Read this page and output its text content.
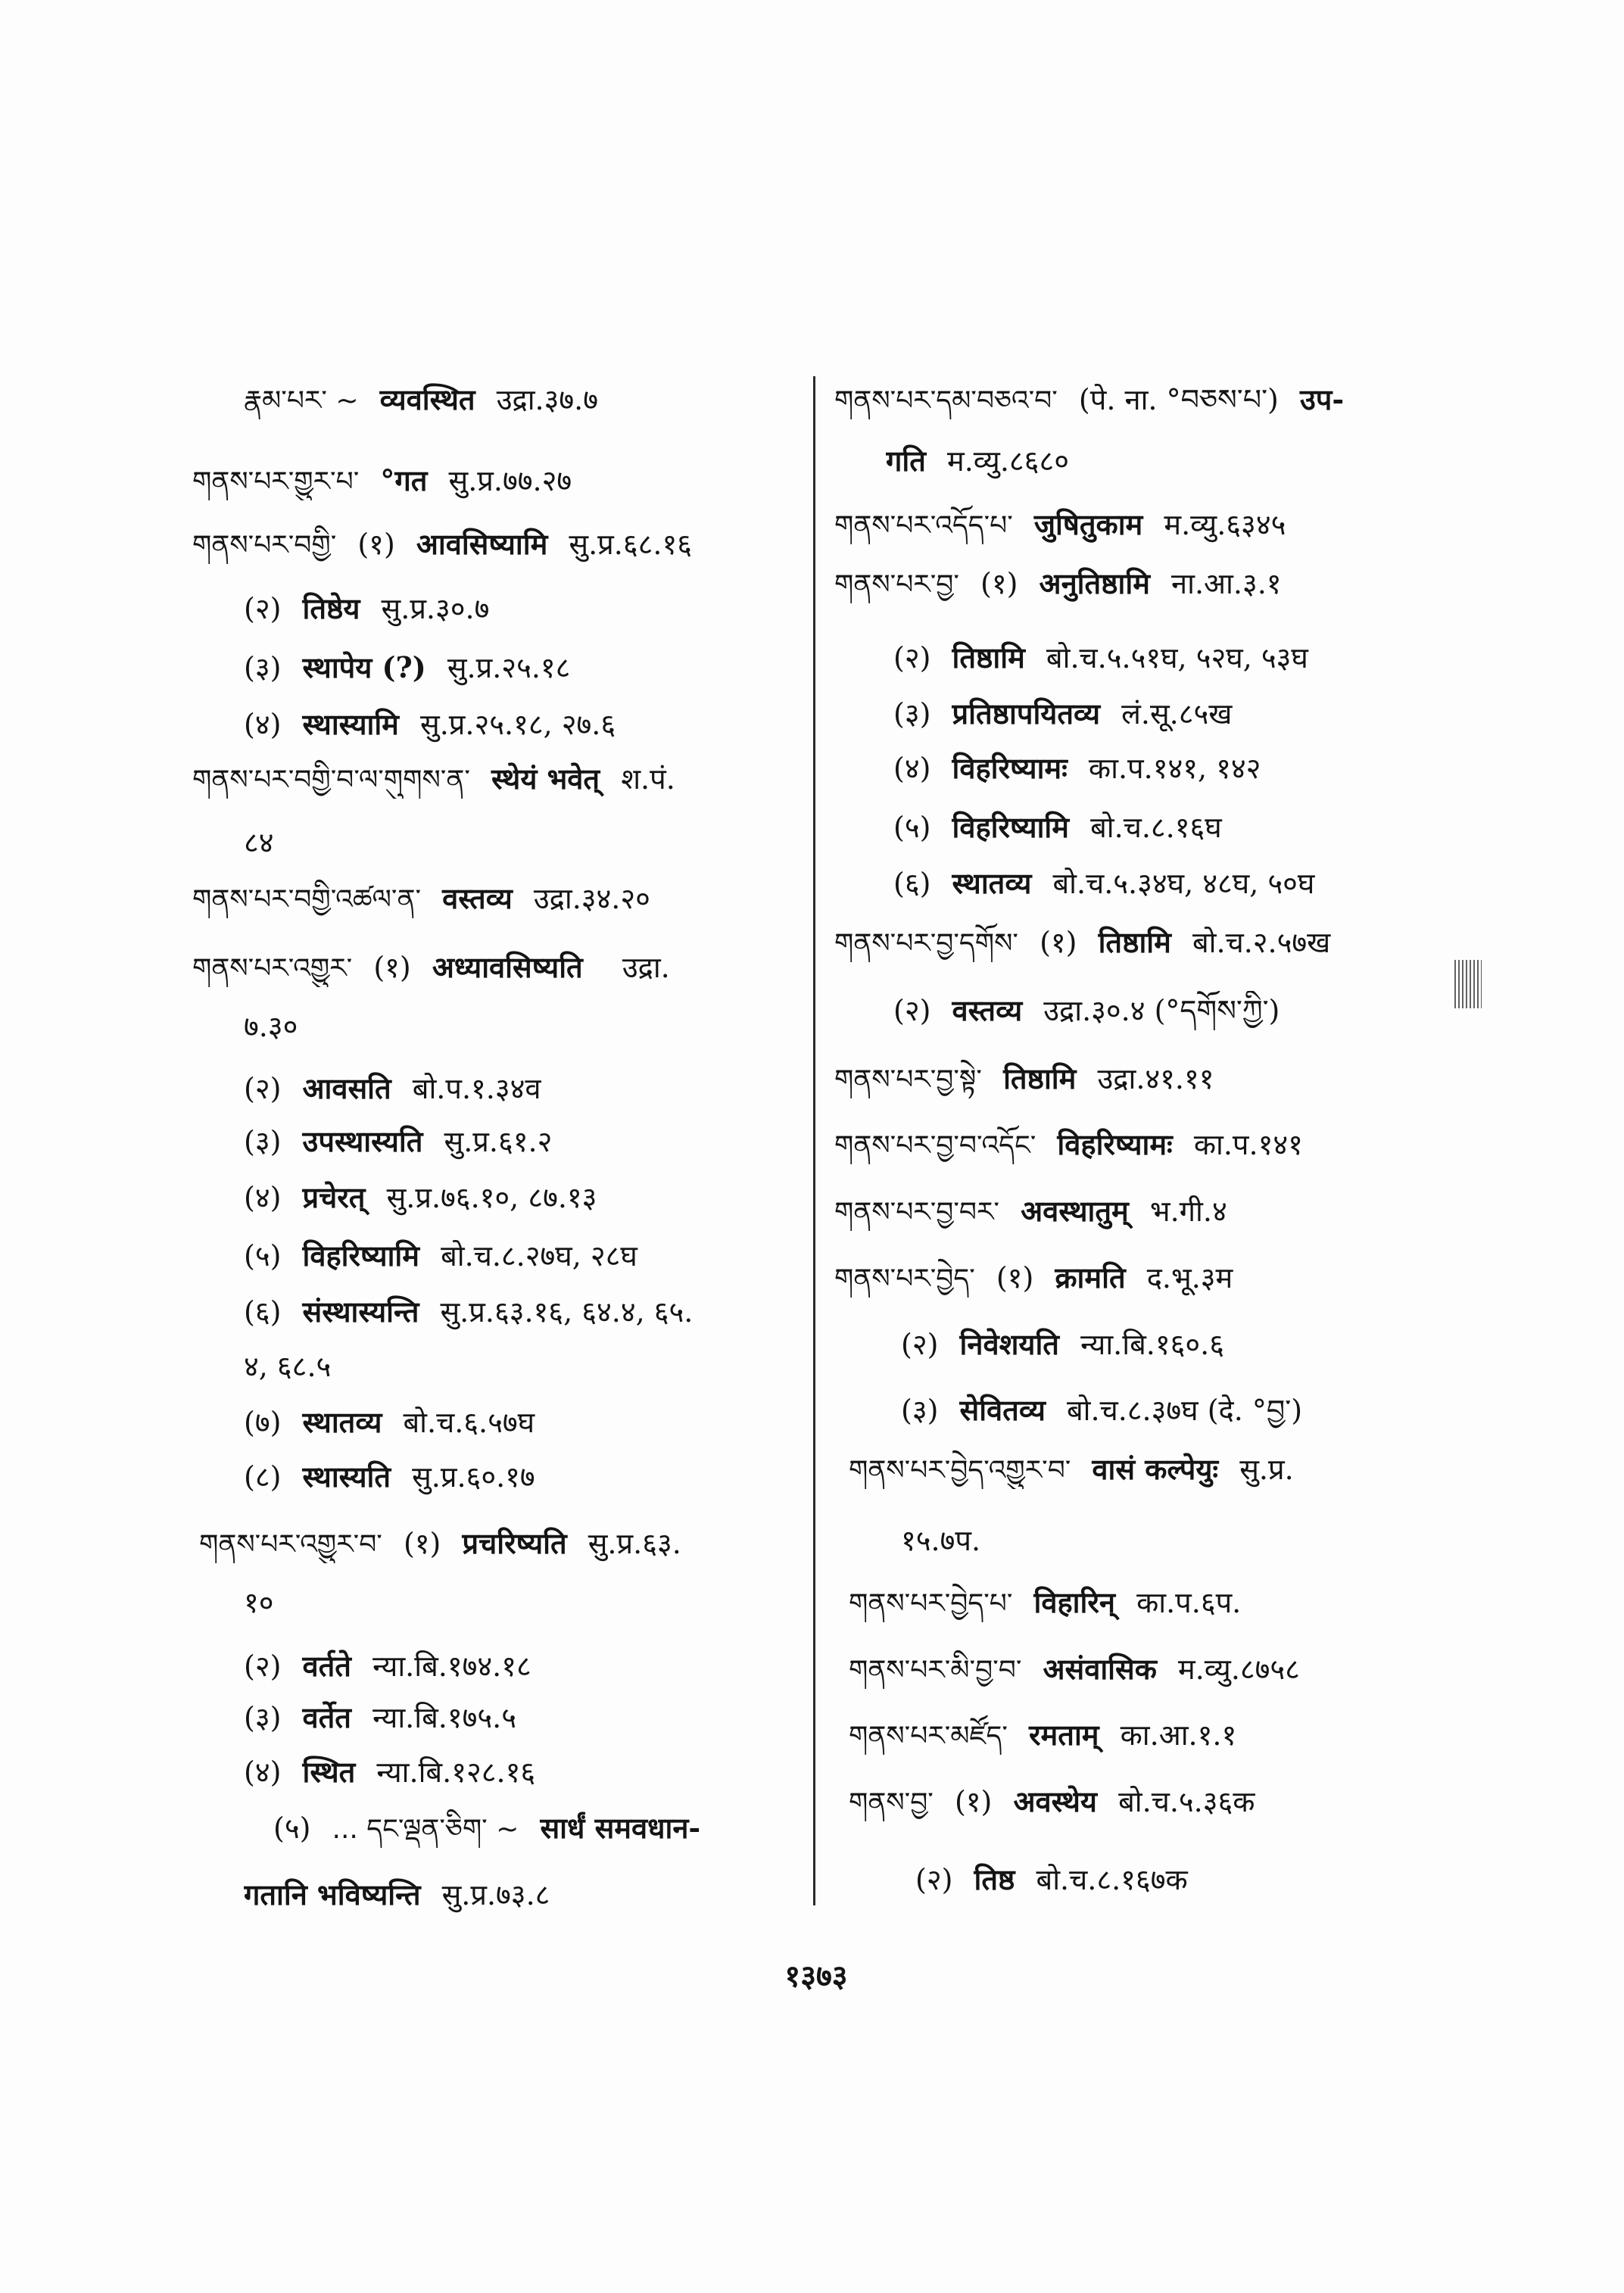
རྣམ་པར་ ~ व्यवस्थित उद्रा.३७.७
གནས་པར་གྱུར་པ་ °गत सु.प्र.७७.२७
གནས་པར་བགྱི་ (१) आवसिष्यामि सु.प्र.६८.१६
(२) तिष्ठेय सु.प्र.३०.७
(३) स्थापेय (?) सु.प्र.२५.१८
(४) स्थास्यामि सु.प्र.२५.१८, २७.६
གནས་པར་བགྱི་བ་ལ་གུགས་ན་ स्थेयं भवेत् श.पं.
८४
གནས་པར་བགྱི་འཚལ་ན་ वस्तव्य उद्रा.३४.२०
གནས་པར་འགྱུར་ (१) अध्यावसिष्यति उद्रा.
७.३०
(२) आवसति बो.प.१.३४व
(३) उपस्थास्यति सु.प्र.६१.२
(४) प्रचेरत् सु.प्र.७६.१०, ८७.१३
(५) विहरिष्यामि बो.च.८.२७घ, २८घ
(६) संस्थास्यन्ति सु.प्र.६३.१६, ६४.४, ६५.
४, ६८.५
(७) स्थातव्य बो.च.६.५७घ
(८) स्थास्यति सु.प्र.६०.१७
གནས་པར་འགྱུར་བ་ (१) प्रचरिष्यति सु.प्र.६३.
१०
(२) वर्तते न्या.बि.१७४.१८
(३) वर्तेत न्या.बि.१७५.५
(४) स्थित न्या.बि.१२८.१६
(५) ... དང་ལྡན་ཅིག་ ~ सार्धं समवधान-
गतानि भविष्यन्ति सु.प्र.७३.८
གནས་པར་དམ་བཅའ་བ་ (पे. ना. °བཅས་པ་) उप-
गति म.व्यु.८६८०
གནས་པར་འདོད་པ་ जुषितुकाम म.व्यु.६३४५
གནས་པར་བྱ་ (१) अनुतिष्ठामि ना.आ.३.१
(२) तिष्ठामि बो.च.५.५१घ, ५२घ, ५३घ
(३) प्रतिष्ठापयितव्य लं.सू.८५ख
(४) विहरिष्यामः का.प.१४१, १४२
(५) विहरिष्यामि बो.च.८.१६घ
(६) स्थातव्य बो.च.५.३४घ, ४८घ, ५०घ
གནས་པར་བྱ་དགོས་ (१) तिष्ठामि बो.च.२.५७ख
(२) वस्तव्य उद्रा.३०.४ (°དགོས་ཀྱི་)
གནས་པར་བྱ་སྟེ་ तिष्ठामि उद्रा.४१.११
གནས་པར་བྱ་བ་འདོང་ विहरिष्यामः का.प.१४१
གནས་པར་བྱ་བར་ अवस्थातुम् भ.गी.४
གནས་པར་བྱེད་ (१) क्रामति द.भू.३म
(२) निवेशयति न्या.बि.१६०.६
(३) सेवितव्य बो.च.८.३७घ (दे. °བྱ་)
གནས་པར་བྱེད་འགྱུར་བ་ वासं कल्पेयुः सु.प्र.
१५.७प.
གནས་པར་བྱེད་པ་ विहारिन् का.प.६प.
གནས་པར་མི་བྱ་བ་ असंवासिक म.व्यु.८७५८
གནས་པར་མཛོད་ रमताम् का.आ.१.१
གནས་བྱ་ (१) अवस्थेय बो.च.५.३६क
(२) तिष्ठ बो.च.८.१६७क
१३७३
